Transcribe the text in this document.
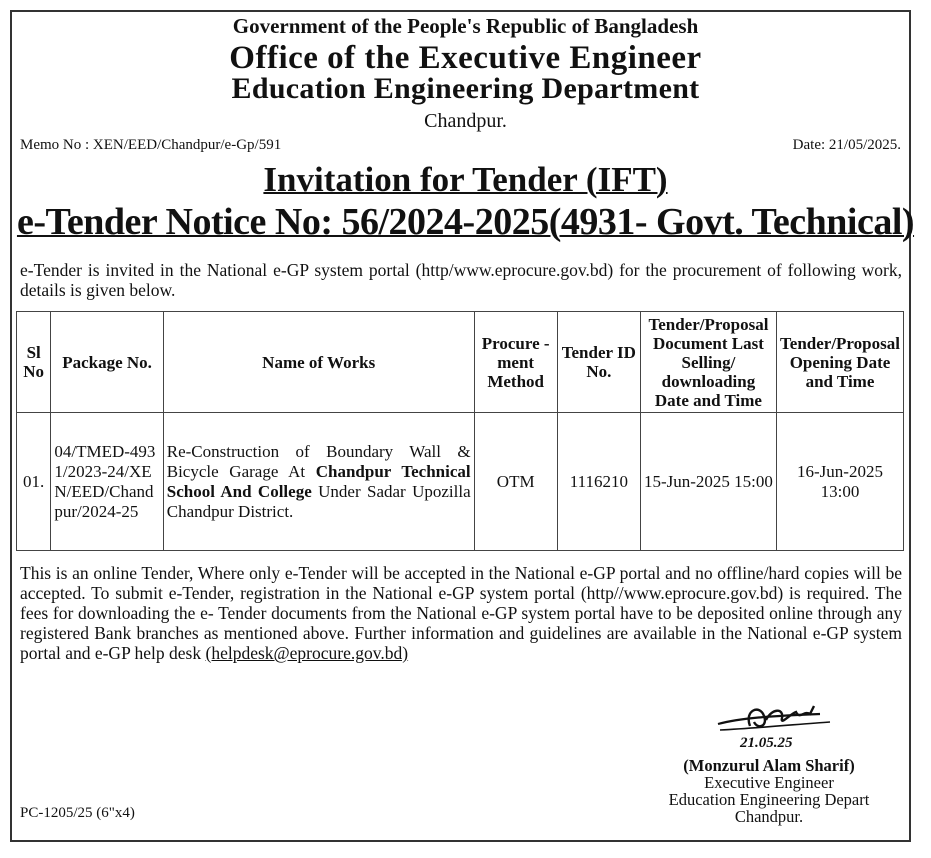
Government of the People's Republic of Bangladesh
Office of the Executive Engineer
Education Engineering Department
Chandpur.
Memo No : XEN/EED/Chandpur/e-Gp/591	Date: 21/05/2025.
Invitation for Tender (IFT)
e-Tender Notice No: 56/2024-2025(4931- Govt. Technical)
e-Tender is invited in the National e-GP system portal (http/www.eprocure.gov.bd) for the procurement of following work, details is given below.
Sl No	Package No.	Name of Works	Procure -ment Method	Tender ID No.	Tender/Proposal Document Last Selling/ downloading Date and Time	Tender/Proposal Opening Date and Time
01.	04/TMED-4931/2023-24/XEN/EED/Chandpur/2024-25	Re-Construction of Boundary Wall & Bicycle Garage At Chandpur Technical School And College Under Sadar Upozilla Chandpur District.	OTM	1116210	15-Jun-2025 15:00	16-Jun-2025 13:00
This is an online Tender, Where only e-Tender will be accepted in the National e-GP portal and no offline/hard copies will be accepted. To submit e-Tender, registration in the National e-GP system portal (http//www.eprocure.gov.bd) is required. The fees for downloading the e- Tender documents from the National e-GP system portal have to be deposited online through any registered Bank branches as mentioned above. Further information and guidelines are available in the National e-GP system portal and e-GP help desk (helpdesk@eprocure.gov.bd)
21.05.25
(Monzurul Alam Sharif)
Executive Engineer
Education Engineering Depart
Chandpur.
PC-1205/25 (6"x4)
